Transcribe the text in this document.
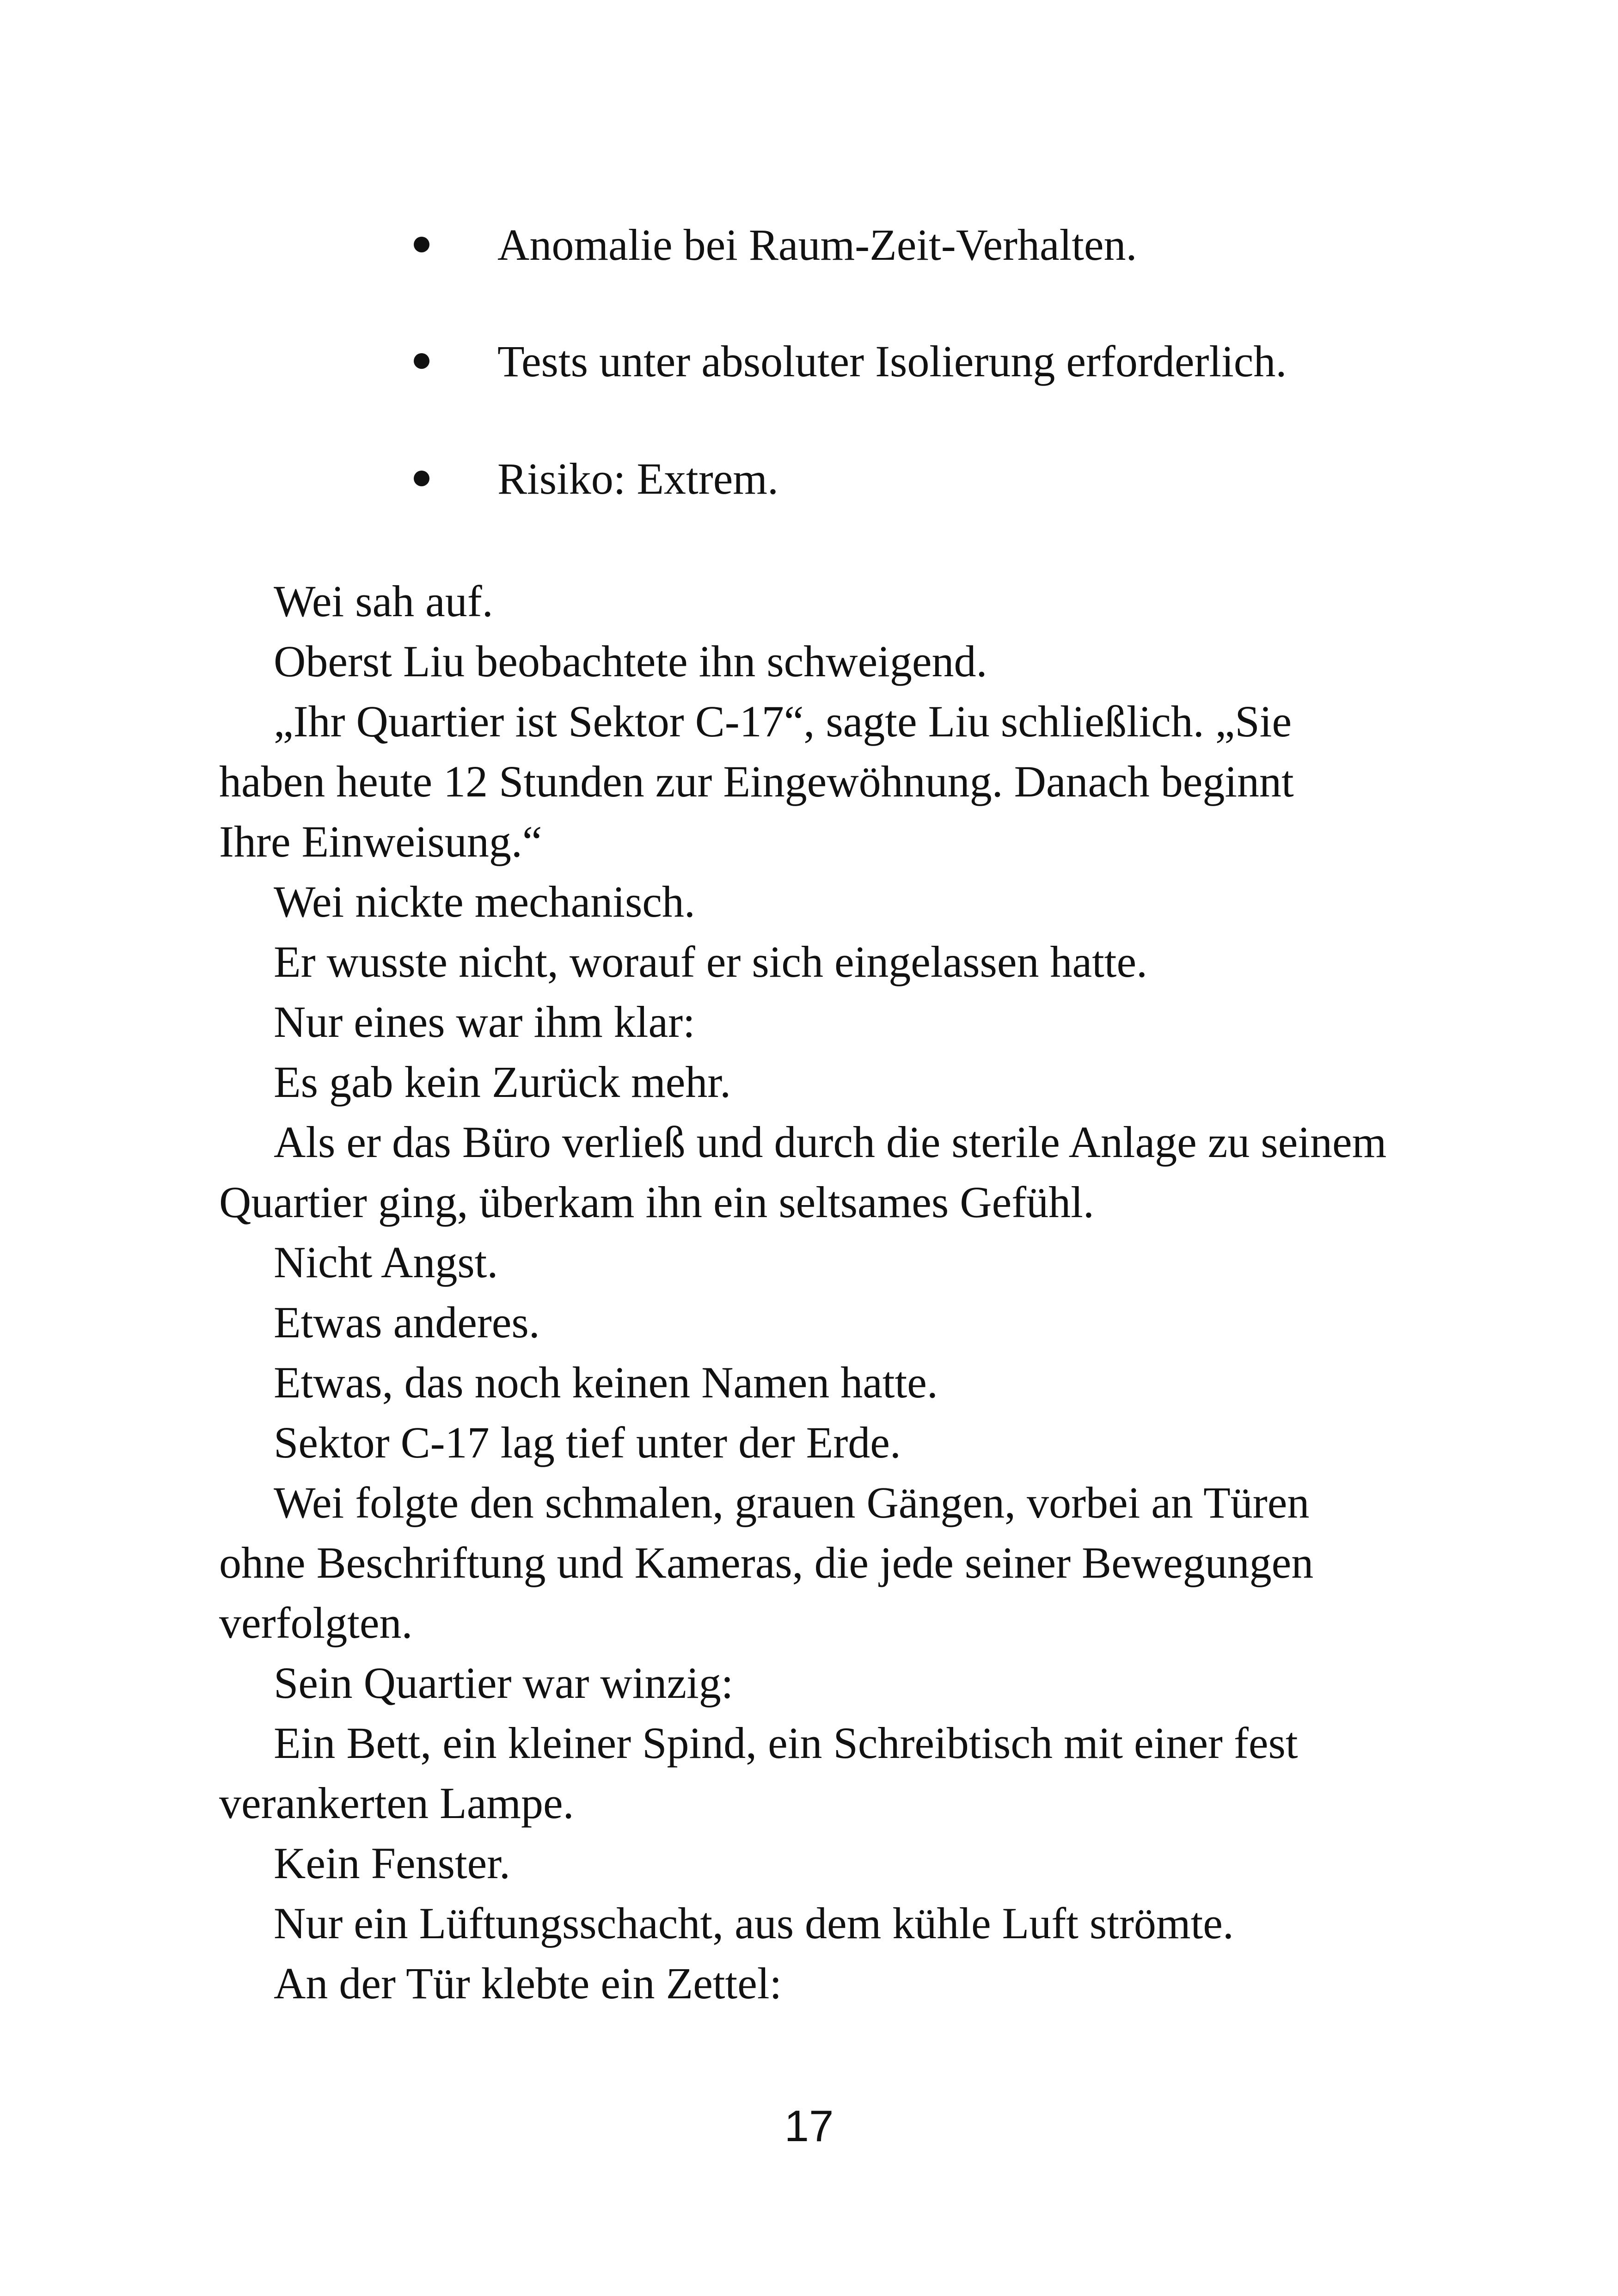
Anomalie bei Raum-Zeit-Verhalten.
Tests unter absoluter Isolierung erforderlich.
Risiko: Extrem.

Wei sah auf.

Oberst Liu beobachtete ihn schweigend.

„Ihr Quartier ist Sektor C-17“, sagte Liu schließlich. „Sie
haben heute 12 Stunden zur Eingewöhnung. Danach beginnt
Ihre Einweisung.“

Wei nickte mechanisch.

Er wusste nicht, worauf er sich eingelassen hatte.

Nur eines war ihm klar:

Es gab kein Zurück mehr.

Als er das Büro verließ und durch die sterile Anlage zu seinem
Quartier ging, überkam ihn ein seltsames Gefühl.

Nicht Angst.

Etwas anderes.

Etwas, das noch keinen Namen hatte.

Sektor C-17 lag tief unter der Erde.

Wei folgte den schmalen, grauen Gängen, vorbei an Türen
ohne Beschriftung und Kameras, die jede seiner Bewegungen
verfolgten.

Sein Quartier war winzig:

Ein Bett, ein kleiner Spind, ein Schreibtisch mit einer fest
verankerten Lampe.

Kein Fenster.

Nur ein Lüftungsschacht, aus dem kühle Luft strömte.

An der Tür klebte ein Zettel:

17
